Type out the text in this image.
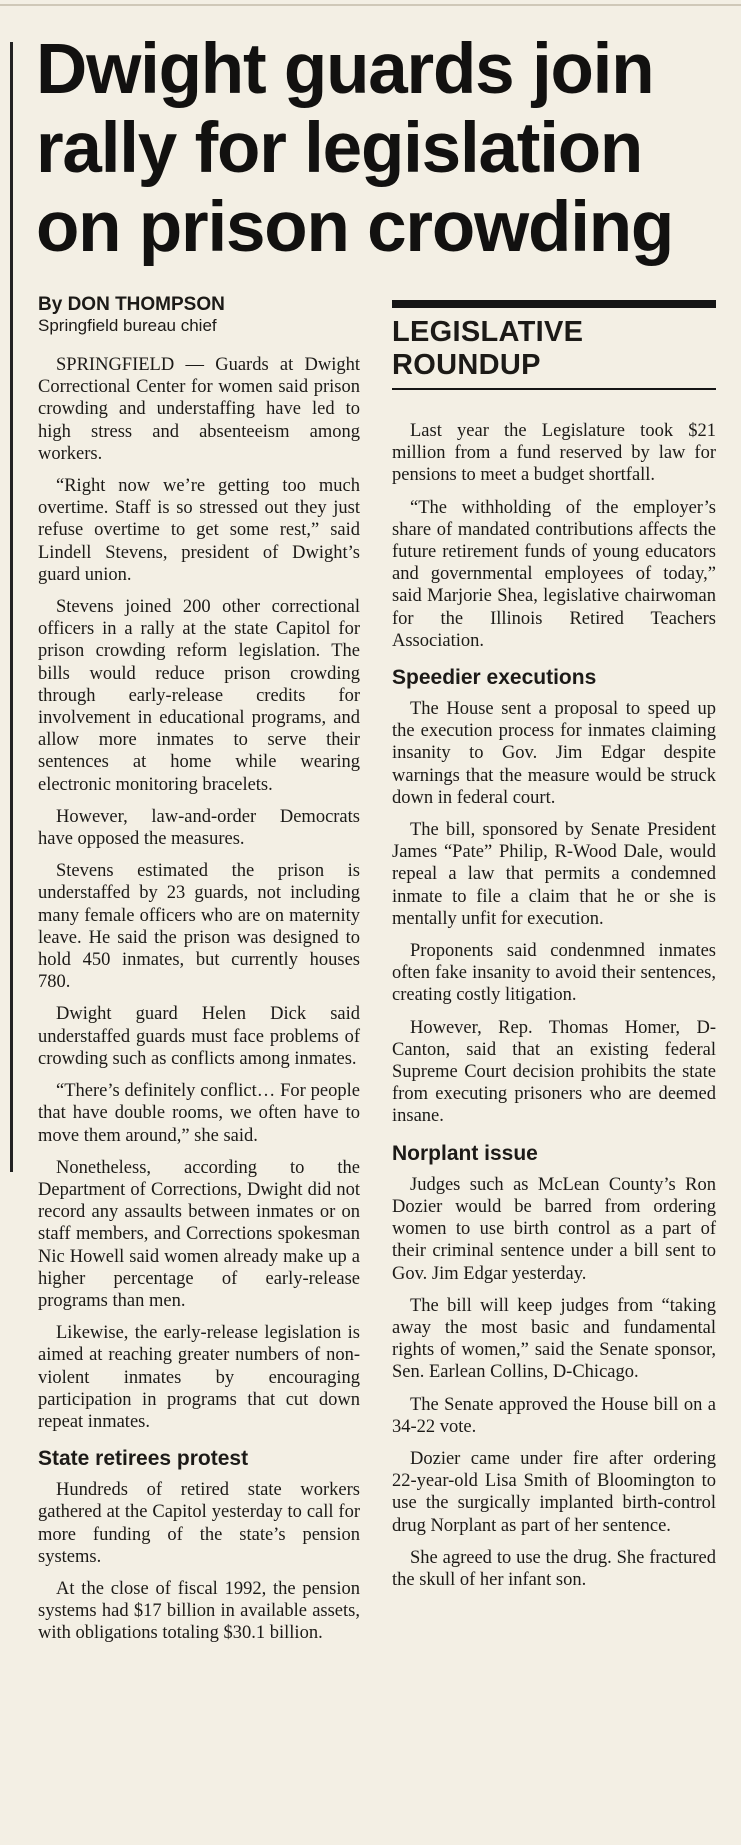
Dwight guards join
rally for legislation
on prison crowding
By DON THOMPSON
Springfield bureau chief

SPRINGFIELD — Guards at Dwight Correctional Center for women said prison crowding and understaffing have led to high stress and absenteeism among workers.

“Right now we’re getting too much overtime. Staff is so stressed out they just refuse overtime to get some rest,” said Lindell Stevens, president of Dwight’s guard union.

Stevens joined 200 other correctional officers in a rally at the state Capitol for prison crowding reform legislation. The bills would reduce prison crowding through early-release credits for involvement in educational programs, and allow more inmates to serve their sentences at home while wearing electronic monitoring bracelets.

However, law-and-order Democrats have opposed the measures.

Stevens estimated the prison is understaffed by 23 guards, not including many female officers who are on maternity leave. He said the prison was designed to hold 450 inmates, but currently houses 780.

Dwight guard Helen Dick said understaffed guards must face problems of crowding such as conflicts among inmates.

“There’s definitely conflict… For people that have double rooms, we often have to move them around,” she said.

Nonetheless, according to the Department of Corrections, Dwight did not record any assaults between inmates or on staff members, and Corrections spokesman Nic Howell said women already make up a higher percentage of early-release programs than men.

Likewise, the early-release legislation is aimed at reaching greater numbers of non-violent inmates by encouraging participation in programs that cut down repeat inmates.

State retirees protest

Hundreds of retired state workers gathered at the Capitol yesterday to call for more funding of the state’s pension systems.

At the close of fiscal 1992, the pension systems had $17 billion in available assets, with obligations totaling $30.1 billion.

LEGISLATIVE
ROUNDUP

Last year the Legislature took $21 million from a fund reserved by law for pensions to meet a budget shortfall.

“The withholding of the employer’s share of mandated contributions affects the future retirement funds of young educators and governmental employees of today,” said Marjorie Shea, legislative chairwoman for the Illinois Retired Teachers Association.

Speedier executions

The House sent a proposal to speed up the execution process for inmates claiming insanity to Gov. Jim Edgar despite warnings that the measure would be struck down in federal court.

The bill, sponsored by Senate President James “Pate” Philip, R-Wood Dale, would repeal a law that permits a condemned inmate to file a claim that he or she is mentally unfit for execution.

Proponents said condenmned inmates often fake insanity to avoid their sentences, creating costly litigation.

However, Rep. Thomas Homer, D-Canton, said that an existing federal Supreme Court decision prohibits the state from executing prisoners who are deemed insane.

Norplant issue

Judges such as McLean County’s Ron Dozier would be barred from ordering women to use birth control as a part of their criminal sentence under a bill sent to Gov. Jim Edgar yesterday.

The bill will keep judges from “taking away the most basic and fundamental rights of women,” said the Senate sponsor, Sen. Earlean Collins, D-Chicago.

The Senate approved the House bill on a 34-22 vote.

Dozier came under fire after ordering 22-year-old Lisa Smith of Bloomington to use the surgically implanted birth-control drug Norplant as part of her sentence.

She agreed to use the drug. She fractured the skull of her infant son.
